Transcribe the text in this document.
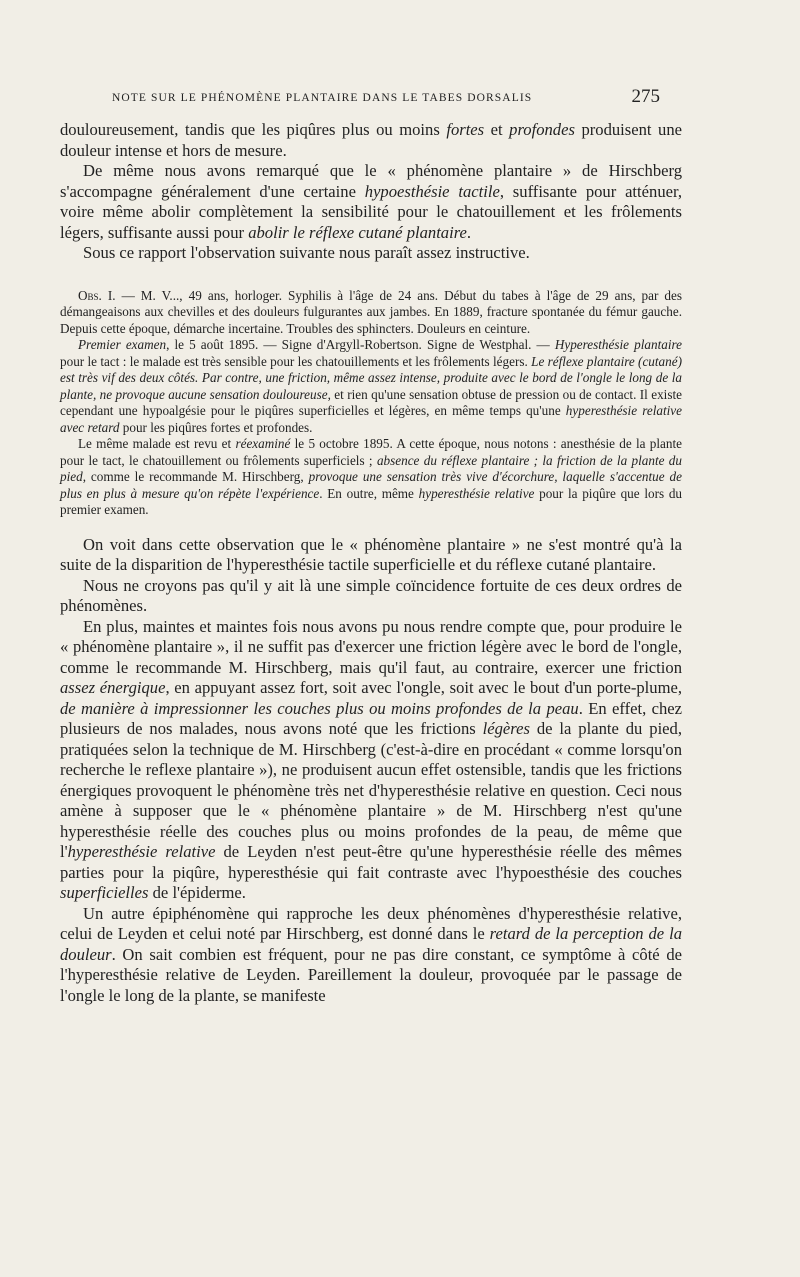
NOTE SUR LE PHÉNOMÈNE PLANTAIRE DANS LE TABES DORSALIS	275

douloureusement, tandis que les piqûres plus ou moins fortes et profondes produisent une douleur intense et hors de mesure.

De même nous avons remarqué que le « phénomène plantaire » de Hirschberg s'accompagne généralement d'une certaine hypoesthésie tactile, suffisante pour atténuer, voire même abolir complètement la sensibilité pour le chatouillement et les frôlements légers, suffisante aussi pour abolir le réflexe cutané plantaire.

Sous ce rapport l'observation suivante nous paraît assez instructive.

Obs. I. — M. V..., 49 ans, horloger. Syphilis à l'âge de 24 ans. Début du tabes à l'âge de 29 ans, par des démangeaisons aux chevilles et des douleurs fulgurantes aux jambes. En 1889, fracture spontanée du fémur gauche. Depuis cette époque, démarche incertaine. Troubles des sphincters. Douleurs en ceinture.

Premier examen, le 5 août 1895. — Signe d'Argyll-Robertson. Signe de Westphal. — Hyperesthésie plantaire pour le tact : le malade est très sensible pour les chatouillements et les frôlements légers. Le réflexe plantaire (cutané) est très vif des deux côtés. Par contre, une friction, même assez intense, produite avec le bord de l'ongle le long de la plante, ne provoque aucune sensation douloureuse, et rien qu'une sensation obtuse de pression ou de contact. Il existe cependant une hypoalgésie pour le piqûres superficielles et légères, en même temps qu'une hyperesthésie relative avec retard pour les piqûres fortes et profondes.

Le même malade est revu et réexaminé le 5 octobre 1895. A cette époque, nous notons : anesthésie de la plante pour le tact, le chatouillement ou frôlements superficiels ; absence du réflexe plantaire ; la friction de la plante du pied, comme le recommande M. Hirschberg, provoque une sensation très vive d'écorchure, laquelle s'accentue de plus en plus à mesure qu'on répète l'expérience. En outre, même hyperesthésie relative pour la piqûre que lors du premier examen.

On voit dans cette observation que le « phénomène plantaire » ne s'est montré qu'à la suite de la disparition de l'hyperesthésie tactile superficielle et du réflexe cutané plantaire.

Nous ne croyons pas qu'il y ait là une simple coïncidence fortuite de ces deux ordres de phénomènes.

En plus, maintes et maintes fois nous avons pu nous rendre compte que, pour produire le « phénomène plantaire », il ne suffit pas d'exercer une friction légère avec le bord de l'ongle, comme le recommande M. Hirschberg, mais qu'il faut, au contraire, exercer une friction assez énergique, en appuyant assez fort, soit avec l'ongle, soit avec le bout d'un porte-plume, de manière à impressionner les couches plus ou moins profondes de la peau. En effet, chez plusieurs de nos malades, nous avons noté que les frictions légères de la plante du pied, pratiquées selon la technique de M. Hirschberg (c'est-à-dire en procédant « comme lorsqu'on recherche le reflexe plantaire »), ne produisent aucun effet ostensible, tandis que les frictions énergiques provoquent le phénomène très net d'hyperesthésie relative en question. Ceci nous amène à supposer que le « phénomène plantaire » de M. Hirschberg n'est qu'une hyperesthésie réelle des couches plus ou moins profondes de la peau, de même que l'hyperesthésie relative de Leyden n'est peut-être qu'une hyperesthésie réelle des mêmes parties pour la piqûre, hyperesthésie qui fait contraste avec l'hypoesthésie des couches superficielles de l'épiderme.

Un autre épiphénomène qui rapproche les deux phénomènes d'hyperesthésie relative, celui de Leyden et celui noté par Hirschberg, est donné dans le retard de la perception de la douleur. On sait combien est fréquent, pour ne pas dire constant, ce symptôme à côté de l'hyperesthésie relative de Leyden. Pareillement la douleur, provoquée par le passage de l'ongle le long de la plante, se manifeste
